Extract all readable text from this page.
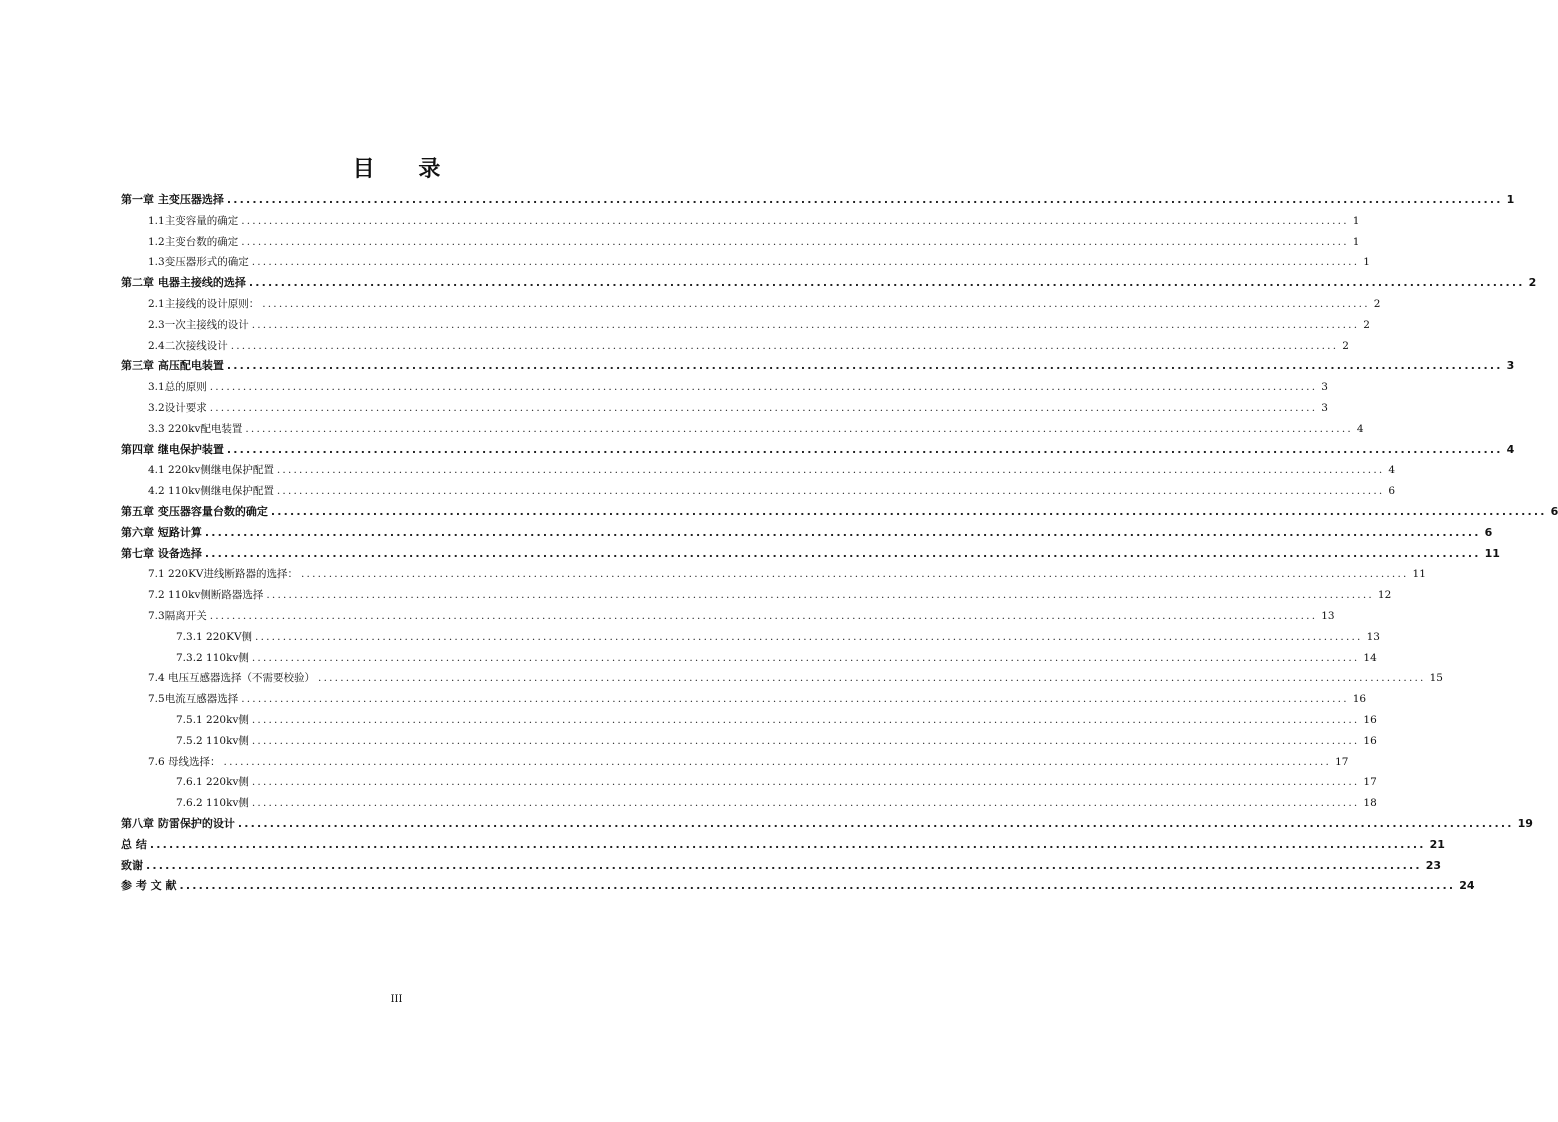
目 录
第一章 主变压器选择 ........................................................................................................................................................................................................ 1
1.1主变容量的确定 ........................................................................................................................................................................................................ 1
1.2主变台数的确定 ........................................................................................................................................................................................................ 1
1.3变压器形式的确定 ........................................................................................................................................................................................................ 1
第二章 电器主接线的选择 ........................................................................................................................................................................................................ 2
2.1主接线的设计原则： ........................................................................................................................................................................................................ 2
2.3一次主接线的设计 ........................................................................................................................................................................................................ 2
2.4二次接线设计 ........................................................................................................................................................................................................ 2
第三章 高压配电装置 ........................................................................................................................................................................................................ 3
3.1总的原则 ........................................................................................................................................................................................................ 3
3.2设计要求 ........................................................................................................................................................................................................ 3
3.3 220kv配电装置 ........................................................................................................................................................................................................ 4
第四章 继电保护装置 ........................................................................................................................................................................................................ 4
4.1 220kv侧继电保护配置 ........................................................................................................................................................................................................ 4
4.2 110kv侧继电保护配置 ........................................................................................................................................................................................................ 6
第五章 变压器容量台数的确定 ........................................................................................................................................................................................................ 6
第六章 短路计算 ........................................................................................................................................................................................................ 6
第七章 设备选择 ........................................................................................................................................................................................................ 11
7.1 220KV进线断路器的选择： ........................................................................................................................................................................................................ 11
7.2 110kv侧断路器选择 ........................................................................................................................................................................................................ 12
7.3隔离开关 ........................................................................................................................................................................................................ 13
7.3.1 220KV侧 ........................................................................................................................................................................................................ 13
7.3.2 110kv侧 ........................................................................................................................................................................................................ 14
7.4 电压互感器选择（不需要校验） ........................................................................................................................................................................................................ 15
7.5电流互感器选择 ........................................................................................................................................................................................................ 16
7.5.1 220kv侧 ........................................................................................................................................................................................................ 16
7.5.2 110kv侧 ........................................................................................................................................................................................................ 16
7.6 母线选择： ........................................................................................................................................................................................................ 17
7.6.1 220kv侧 ........................................................................................................................................................................................................ 17
7.6.2 110kv侧 ........................................................................................................................................................................................................ 18
第八章 防雷保护的设计 ........................................................................................................................................................................................................ 19
总 结 ........................................................................................................................................................................................................ 21
致谢 ........................................................................................................................................................................................................ 23
参 考 文 献 ........................................................................................................................................................................................................ 24
III
